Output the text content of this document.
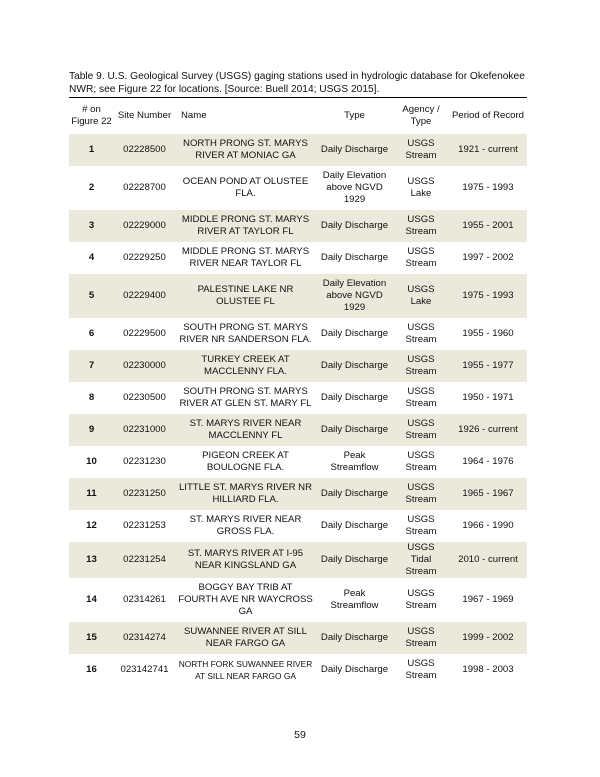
Table 9. U.S. Geological Survey (USGS) gaging stations used in hydrologic database for Okefenokee NWR; see Figure 22 for locations. [Source: Buell 2014; USGS 2015].
# on Figure 22	Site Number	Name	Type	Agency / Type	Period of Record
1	02228500	NORTH PRONG ST. MARYS RIVER AT MONIAC GA	Daily Discharge	USGS Stream	1921 - current
2	02228700	OCEAN POND AT OLUSTEE FLA.	Daily Elevation above NGVD 1929	USGS Lake	1975 - 1993
3	02229000	MIDDLE PRONG ST. MARYS RIVER AT TAYLOR FL	Daily Discharge	USGS Stream	1955 - 2001
4	02229250	MIDDLE PRONG ST. MARYS RIVER NEAR TAYLOR FL	Daily Discharge	USGS Stream	1997 - 2002
5	02229400	PALESTINE LAKE NR OLUSTEE FL	Daily Elevation above NGVD 1929	USGS Lake	1975 - 1993
6	02229500	SOUTH PRONG ST. MARYS RIVER NR SANDERSON FLA.	Daily Discharge	USGS Stream	1955 - 1960
7	02230000	TURKEY CREEK AT MACCLENNY FLA.	Daily Discharge	USGS Stream	1955 - 1977
8	02230500	SOUTH PRONG ST. MARYS RIVER AT GLEN ST. MARY FL	Daily Discharge	USGS Stream	1950 - 1971
9	02231000	ST. MARYS RIVER NEAR MACCLENNY FL	Daily Discharge	USGS Stream	1926 - current
10	02231230	PIGEON CREEK AT BOULOGNE FLA.	Peak Streamflow	USGS Stream	1964 - 1976
11	02231250	LITTLE ST. MARYS RIVER NR HILLIARD FLA.	Daily Discharge	USGS Stream	1965 - 1967
12	02231253	ST. MARYS RIVER NEAR GROSS FLA.	Daily Discharge	USGS Stream	1966 - 1990
13	02231254	ST. MARYS RIVER AT I-95 NEAR KINGSLAND GA	Daily Discharge	USGS Tidal Stream	2010 - current
14	02314261	BOGGY BAY TRIB AT FOURTH AVE NR WAYCROSS GA	Peak Streamflow	USGS Stream	1967 - 1969
15	02314274	SUWANNEE RIVER AT SILL NEAR FARGO GA	Daily Discharge	USGS Stream	1999 - 2002
16	023142741	NORTH FORK SUWANNEE RIVER AT SILL NEAR FARGO GA	Daily Discharge	USGS Stream	1998 - 2003
59
